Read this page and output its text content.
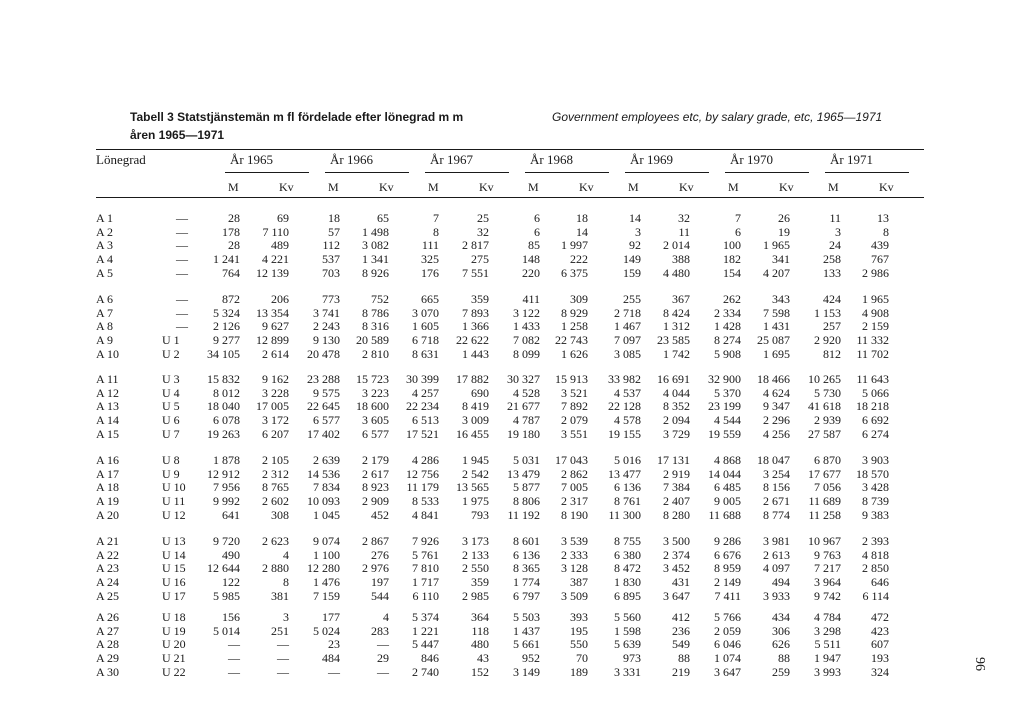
Tabell 3 Statstjänstemän m fl fördelade efter lönegrad m m
åren 1965—1971
Government employees etc, by salary grade, etc, 1965—1971
Lönegrad	År 1965	År 1966	År 1967	År 1968	År 1969	År 1970	År 1971
M	Kv	M	Kv	M	Kv	M	Kv	M	Kv	M	Kv	M	Kv
A 1	—	28	69	18	65	7	25	6	18	14	32	7	26	11	13
A 2	—	178	7 110	57	1 498	8	32	6	14	3	11	6	19	3	8
A 3	—	28	489	112	3 082	111	2 817	85	1 997	92	2 014	100	1 965	24	439
A 4	—	1 241	4 221	537	1 341	325	275	148	222	149	388	182	341	258	767
A 5	—	764	12 139	703	8 926	176	7 551	220	6 375	159	4 480	154	4 207	133	2 986
A 6	—	872	206	773	752	665	359	411	309	255	367	262	343	424	1 965
A 7	—	5 324	13 354	3 741	8 786	3 070	7 893	3 122	8 929	2 718	8 424	2 334	7 598	1 153	4 908
A 8	—	2 126	9 627	2 243	8 316	1 605	1 366	1 433	1 258	1 467	1 312	1 428	1 431	257	2 159
A 9	U 1	9 277	12 899	9 130	20 589	6 718	22 622	7 082	22 743	7 097	23 585	8 274	25 087	2 920	11 332
A 10	U 2	34 105	2 614	20 478	2 810	8 631	1 443	8 099	1 626	3 085	1 742	5 908	1 695	812	11 702
A 11	U 3	15 832	9 162	23 288	15 723	30 399	17 882	30 327	15 913	33 982	16 691	32 900	18 466	10 265	11 643
A 12	U 4	8 012	3 228	9 575	3 223	4 257	690	4 528	3 521	4 537	4 044	5 370	4 624	5 730	5 066
A 13	U 5	18 040	17 005	22 645	18 600	22 234	8 419	21 677	7 892	22 128	8 352	23 199	9 347	41 618	18 218
A 14	U 6	6 078	3 172	6 577	3 605	6 513	3 009	4 787	2 079	4 578	2 094	4 544	2 296	2 939	6 692
A 15	U 7	19 263	6 207	17 402	6 577	17 521	16 455	19 180	3 551	19 155	3 729	19 559	4 256	27 587	6 274
A 16	U 8	1 878	2 105	2 639	2 179	4 286	1 945	5 031	17 043	5 016	17 131	4 868	18 047	6 870	3 903
A 17	U 9	12 912	2 312	14 536	2 617	12 756	2 542	13 479	2 862	13 477	2 919	14 044	3 254	17 677	18 570
A 18	U 10	7 956	8 765	7 834	8 923	11 179	13 565	5 877	7 005	6 136	7 384	6 485	8 156	7 056	3 428
A 19	U 11	9 992	2 602	10 093	2 909	8 533	1 975	8 806	2 317	8 761	2 407	9 005	2 671	11 689	8 739
A 20	U 12	641	308	1 045	452	4 841	793	11 192	8 190	11 300	8 280	11 688	8 774	11 258	9 383
A 21	U 13	9 720	2 623	9 074	2 867	7 926	3 173	8 601	3 539	8 755	3 500	9 286	3 981	10 967	2 393
A 22	U 14	490	4	1 100	276	5 761	2 133	6 136	2 333	6 380	2 374	6 676	2 613	9 763	4 818
A 23	U 15	12 644	2 880	12 280	2 976	7 810	2 550	8 365	3 128	8 472	3 452	8 959	4 097	7 217	2 850
A 24	U 16	122	8	1 476	197	1 717	359	1 774	387	1 830	431	2 149	494	3 964	646
A 25	U 17	5 985	381	7 159	544	6 110	2 985	6 797	3 509	6 895	3 647	7 411	3 933	9 742	6 114
A 26	U 18	156	3	177	4	5 374	364	5 503	393	5 560	412	5 766	434	4 784	472
A 27	U 19	5 014	251	5 024	283	1 221	118	1 437	195	1 598	236	2 059	306	3 298	423
A 28	U 20	—	—	23	—	5 447	480	5 661	550	5 639	549	6 046	626	5 511	607
A 29	U 21	—	—	484	29	846	43	952	70	973	88	1 074	88	1 947	193
A 30	U 22	—	—	—	—	2 740	152	3 149	189	3 331	219	3 647	259	3 993	324
96
